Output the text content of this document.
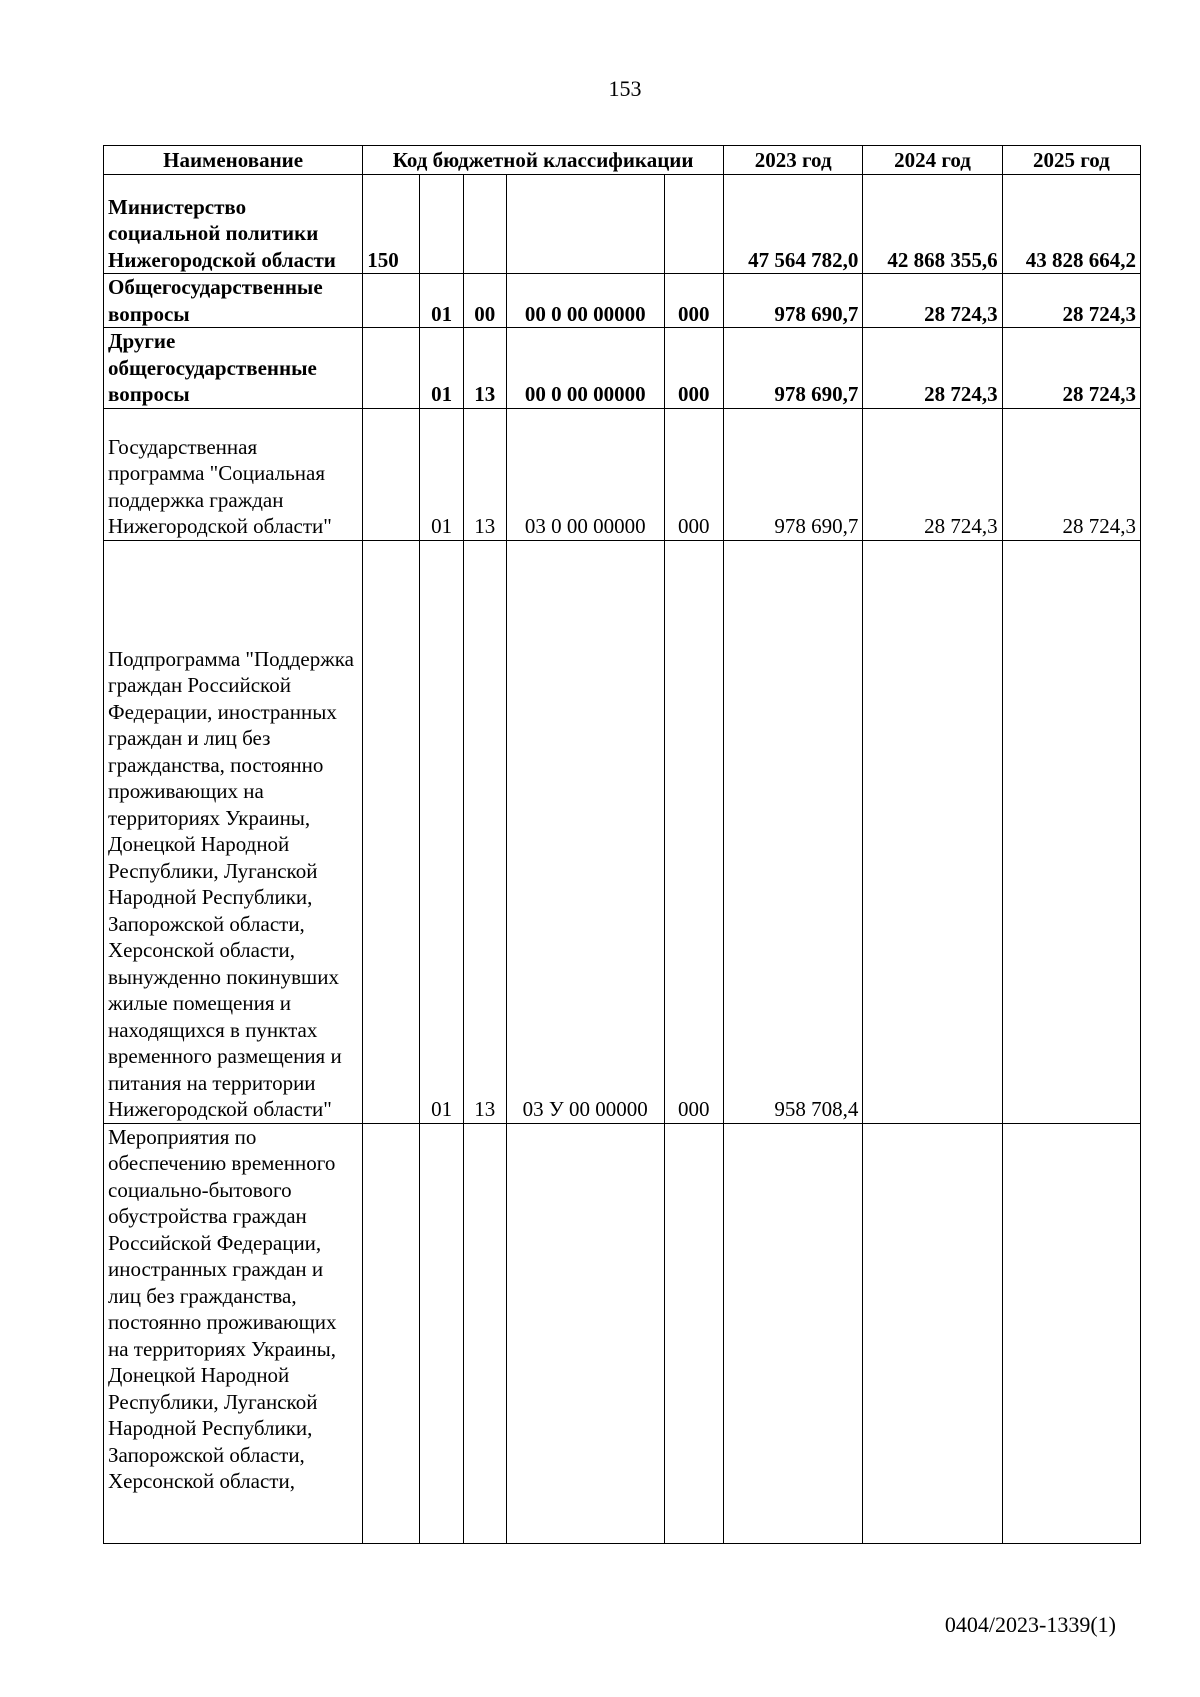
153
Наименование	Код бюджетной классификации					2023 год	2024 год	2025 год
Министерство социальной политики Нижегородской области	150					47 564 782,0	42 868 355,6	43 828 664,2
Общегосударственные вопросы		01	00	00 0 00 00000	000	978 690,7	28 724,3	28 724,3
Другие общегосударственные вопросы		01	13	00 0 00 00000	000	978 690,7	28 724,3	28 724,3
Государственная программа "Социальная поддержка граждан Нижегородской области"		01	13	03 0 00 00000	000	978 690,7	28 724,3	28 724,3
Подпрограмма "Поддержка граждан Российской Федерации, иностранных граждан и лиц без гражданства, постоянно проживающих на территориях Украины, Донецкой Народной Республики, Луганской Народной Республики, Запорожской области, Херсонской области, вынужденно покинувших жилые помещения и находящихся в пунктах временного размещения и питания на территории Нижегородской области"		01	13	03 У 00 00000	000	958 708,4		
Мероприятия по обеспечению временного социально-бытового обустройства граждан Российской Федерации, иностранных граждан и лиц без гражданства, постоянно проживающих на территориях Украины, Донецкой Народной Республики, Луганской Народной Республики, Запорожской области, Херсонской области,								
0404/2023-1339(1)
